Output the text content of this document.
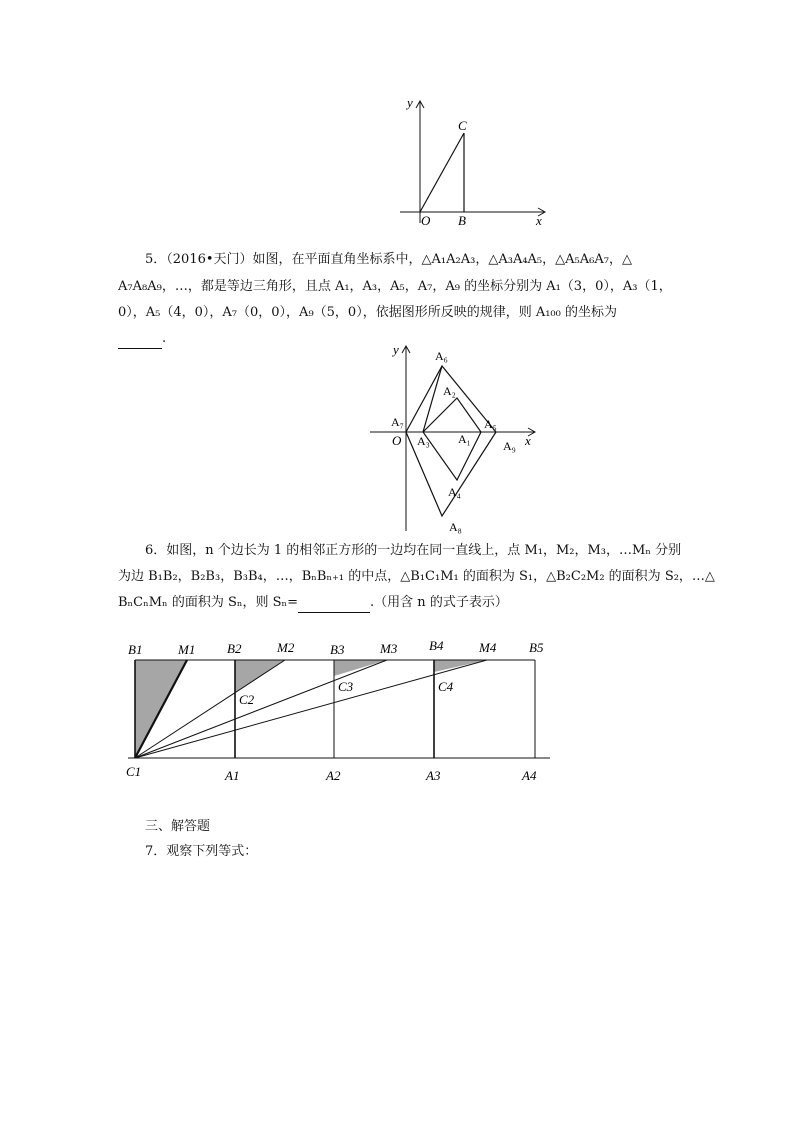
y
C
O B	x
5．（2016•天门）如图，在平面直角坐标系中，△A₁A₂A₃，△A₃A₄A₅，△A₅A₆A₇，△
A₇A₈A₉，…，都是等边三角形，且点 A₁，A₃，A₅，A₇，A₉ 的坐标分别为 A₁（3，0），A₃（1，
0），A₅（4，0），A₇（0，0），A₉（5，0），依据图形所反映的规律，则 A₁₀₀ 的坐标为
.
y	A₆
A₂
A₇	A₅
O A₃ A₁	x
A₉
A₄
A₈
6．如图，n 个边长为 1 的相邻正方形的一边均在同一直线上，点 M₁，M₂，M₃，…Mₙ 分别
为边 B₁B₂，B₂B₃，B₃B₄，…，BₙBₙ₊₁ 的中点，△B₁C₁M₁ 的面积为 S₁，△B₂C₂M₂ 的面积为 S₂，…△
BₙCₙMₙ 的面积为 Sₙ，则 Sₙ=	.（用含 n 的式子表示）
B1	M1 B2	M2	B3	M3 B4	M4	B5
C2
C3	C4
C1	A1	A2	A3	A4
三、解答题
7．观察下列等式：
